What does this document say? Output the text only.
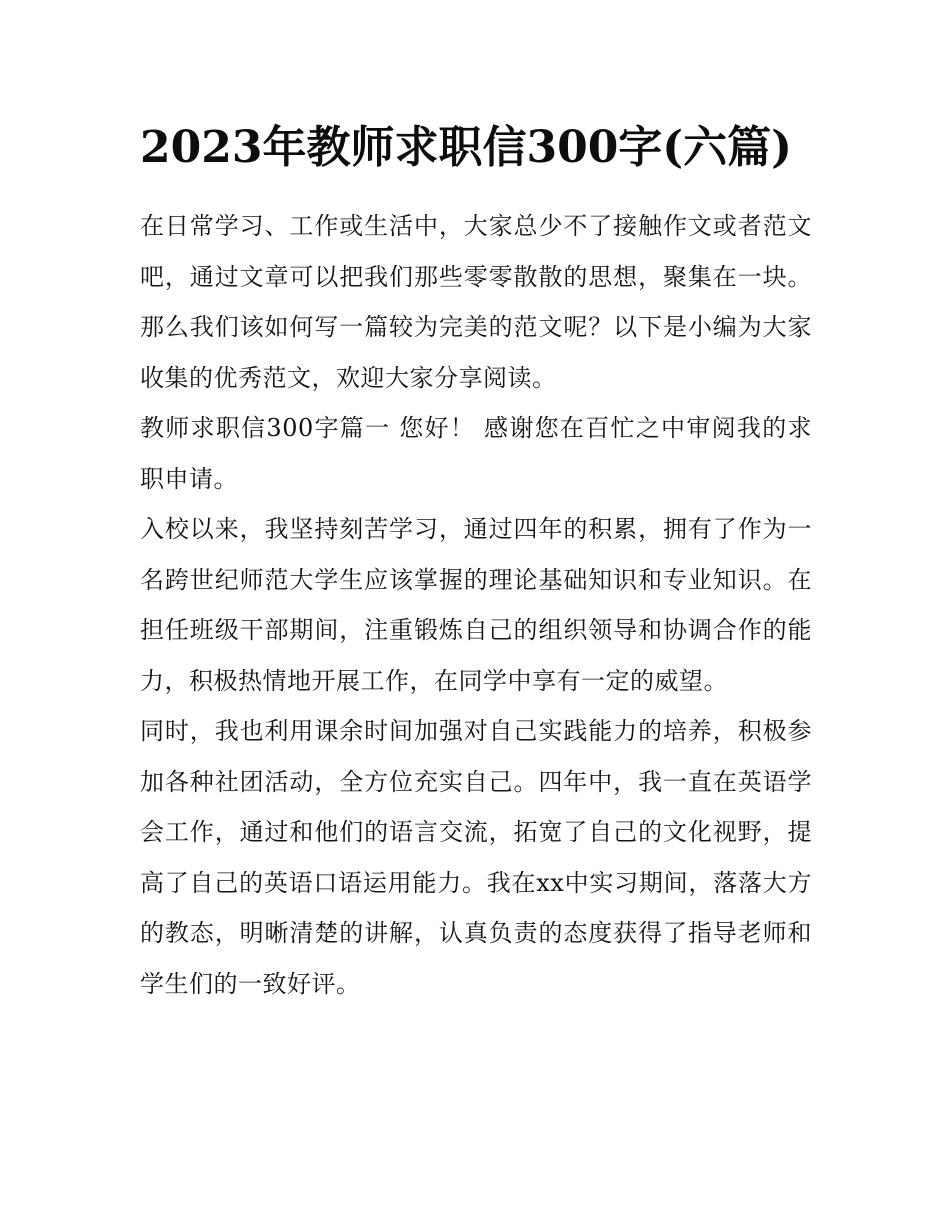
2023年教师求职信300字(六篇)

在日常学习、工作或生活中，大家总少不了接触作文或者范文吧，通过文章可以把我们那些零零散散的思想，聚集在一块。那么我们该如何写一篇较为完美的范文呢？以下是小编为大家收集的优秀范文，欢迎大家分享阅读。

教师求职信300字篇一 您好！ 感谢您在百忙之中审阅我的求职申请。

入校以来，我坚持刻苦学习，通过四年的积累，拥有了作为一名跨世纪师范大学生应该掌握的理论基础知识和专业知识。在担任班级干部期间，注重锻炼自己的组织领导和协调合作的能力，积极热情地开展工作，在同学中享有一定的威望。

同时，我也利用课余时间加强对自己实践能力的培养，积极参加各种社团活动，全方位充实自己。四年中，我一直在英语学会工作，通过和他们的语言交流，拓宽了自己的文化视野，提高了自己的英语口语运用能力。我在xx中实习期间，落落大方的教态，明晰清楚的讲解，认真负责的态度获得了指导老师和学生们的一致好评。
